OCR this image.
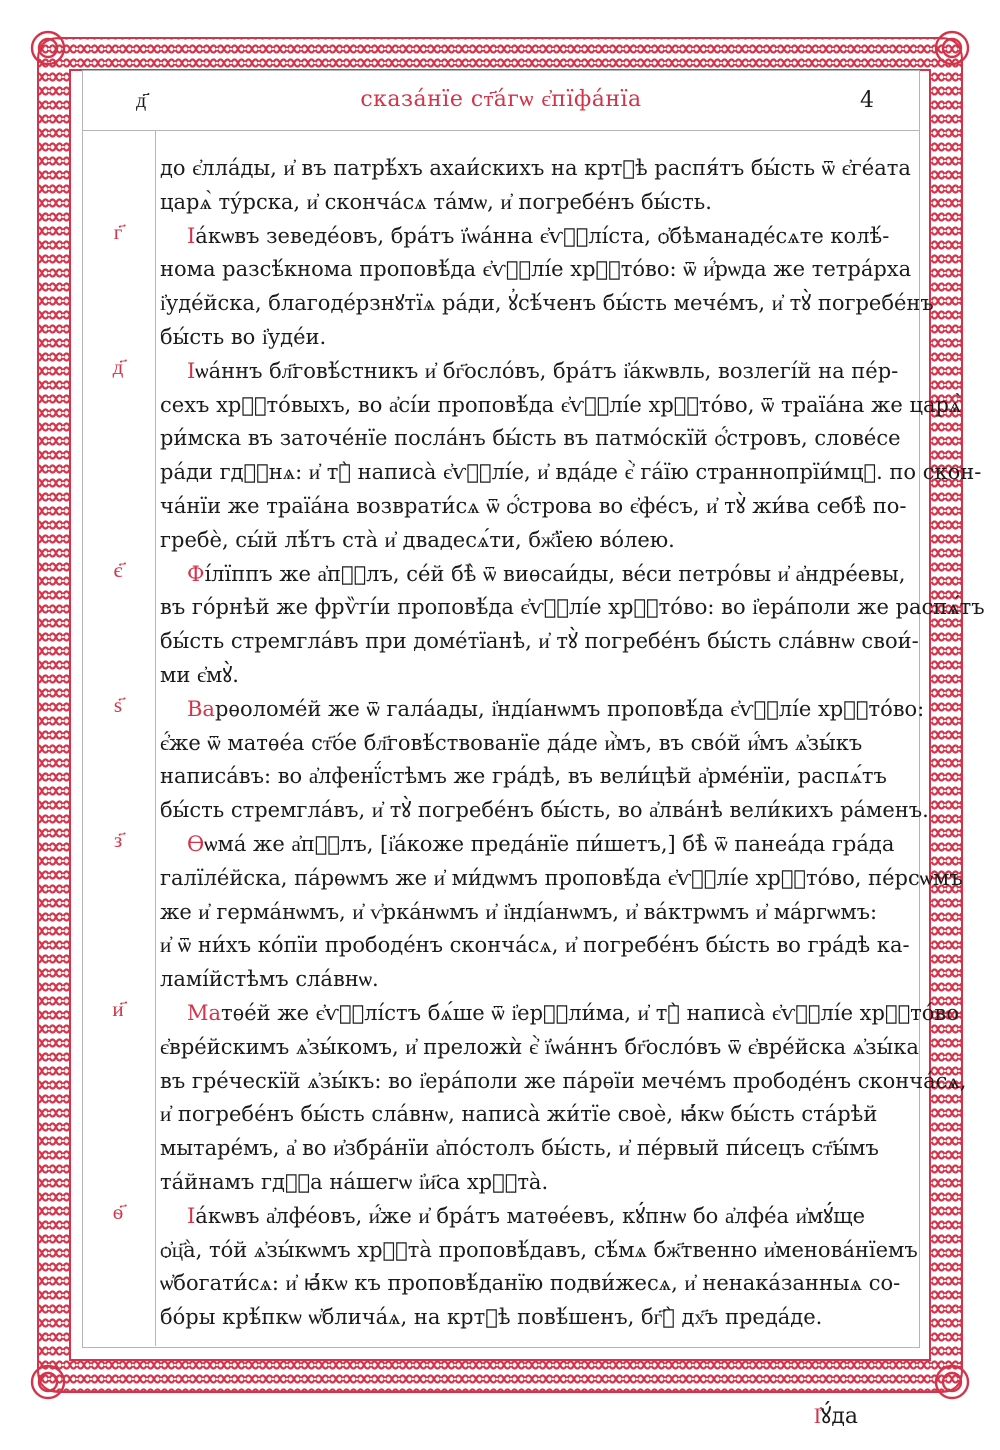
д҃	сказа́нїе ст҃а́гѡ є҆пїфа́нїа	4
г҃
д҃
є҃
ѕ҃
з҃
и҃
ѳ҃
до є҆лла́ды, и҆ въ патрѣ́хъ ахаи́скихъ на кртⷣѣ распя́тъ бы́сть ѿ є҆ге́ата
царѧ̀ ту́рска, и҆ сконча́сѧ та́мѡ, и҆ погребе́нъ бы́сть.
Іа́кѡвъ зеведе́овъ, бра́тъ ї҆ѡа́нна є҆ѵⷢ҇лі́ста, ѻ҆бѣманаде́сѧте колѣ́-
нома разсѣ́кнома проповѣ́да є҆ѵⷢ҇лі́е хрⷭ҇то́во: ѿ и҆́рѡда же тетра́рха
і҆уде́йска, благоде́рзнꙋтїѧ ра́ди, ꙋ҆сѣ́ченъ бы́сть мече́мъ, и҆ тꙋ̀ погребе́нъ
бы́сть во і҆уде́и.
Іѡа́ннъ бл҃говѣ́стникъ и҆ бг҃осло́въ, бра́тъ і҆а́кѡвль, возлегі́й на пе́р-
сехъ хрⷭ҇то́выхъ, во а҆сі́и проповѣ́да є҆ѵⷢ҇лі́е хрⷭ҇то́во, ѿ траїа́на же царѧ̀
ри́мска въ заточе́нїе посла́нъ бы́сть въ патмо́скїй ѻ҆́стровъ, слове́се
ра́ди гдⷭ҇нѧ: и҆ тꙋ̀ написа̀ є҆ѵⷢ҇лі́е, и҆ вда́де є҆̀ га́їю страннопрїи́мцꙋ. по скон-
ча́нїи же траїа́на возврати́сѧ ѿ ѻ҆́строва во є҆фе́съ, и҆ тꙋ̀ жи́ва себѣ̀ по-
гребѐ, сы́й лѣ́тъ ста̀ и҆ двадесѧ́ти, бж҃їею во́лею.
Фі́лїппъ же а҆пⷭ҇лъ, се́й бѣ̀ ѿ виѳсаи́ды, ве́си петро́вы и҆ а҆ндре́евы,
въ го́рнѣй же фрѷгі́и проповѣ́да є҆ѵⷢ҇лі́е хрⷭ҇то́во: во і҆ера́поли же распѧ́тъ
бы́сть стремгла́въ при доме́тїанѣ, и҆ тꙋ̀ погребе́нъ бы́сть сла́внѡ свои́-
ми є҆мꙋ̀.
Варѳоломе́й же ѿ гала́ады, і҆нді́анѡмъ проповѣ́да є҆ѵⷢ҇лі́е хрⷭ҇то́во:
є҆́же ѿ матѳе́а ст҃о́е бл҃говѣ́ствованїе да́де и҆̀мъ, въ сво́й и҆́мъ ѧ҆зы́къ
написа́въ: во а҆лфенї́стѣмъ же гра́дѣ, въ вели́цѣй а҆рме́нїи, распѧ́тъ
бы́сть стремгла́въ, и҆ тꙋ̀ погребе́нъ бы́сть, во а҆лва́нѣ вели́кихъ ра́менъ.
Ѳѡма́ же а҆пⷭ҇лъ, [і҆а́коже преда́нїе пи́шетъ,] бѣ̀ ѿ панеа́да гра́да
галїле́йска, па́рѳѡмъ же и҆ ми́дѡмъ проповѣ́да є҆ѵⷢ҇лі́е хрⷭ҇то́во, пе́рсѡмъ
же и҆ герма́нѡмъ, и҆ ѵ҆рка́нѡмъ и҆ і҆нді́анѡмъ, и҆ ва́ктрѡмъ и҆ ма́ргѡмъ:
и҆ ѿ ни́хъ ко́пїи прободе́нъ сконча́сѧ, и҆ погребе́нъ бы́сть во гра́дѣ ка-
ламі́йстѣмъ сла́внѡ.
Матѳе́й же є҆ѵⷢ҇лі́стъ бѧ́ше ѿ і҆ерⷭ҇ли́ма, и҆ тꙋ̀ написа̀ є҆ѵⷢ҇лі́е хрⷭ҇то́во
є҆вре́йскимъ ѧ҆зы́комъ, и҆ преложѝ є҆̀ ї҆ѡа́ннъ бг҃осло́въ ѿ є҆вре́йска ѧ҆зы́ка
въ гре́ческїй ѧ҆зы́къ: во і҆ера́поли же па́рѳїи мече́мъ прободе́нъ сконча́сѧ,
и҆ погребе́нъ бы́сть сла́внѡ, написа̀ жи́тїе своѐ, ꙗ҆́кѡ бы́сть ста́рѣй
мытаре́мъ, а҆ во и҆збра́нїи а҆по́столъ бы́сть, и҆ пе́рвый пи́сецъ ст҃ы́мъ
та́йнамъ гдⷭ҇а на́шегѡ і҆и҃са хрⷭ҇та̀.
Іа́кѡвъ а҆лфе́овъ, и҆́же и҆ бра́тъ матѳе́евъ, кꙋ́пнѡ бо а҆лфе́а и҆мꙋ́ще
ѻ҆ц҃а̀, то́й ѧ҆зы́кѡмъ хрⷭ҇та̀ проповѣ́давъ, сѣ́мѧ бж҃твенно и҆менова́нїемъ
ѡ҆богати́сѧ: и҆ ꙗ҆́кѡ къ проповѣ́данїю подви́жесѧ, и҆ ненака́занныѧ со-
бо́ры крѣ́пкѡ ѡ҆блича́ѧ, на кртⷣѣ повѣ́шенъ, бг҃ꙋ̀ дх҃ъ преда́де.
І҆ꙋ́да
